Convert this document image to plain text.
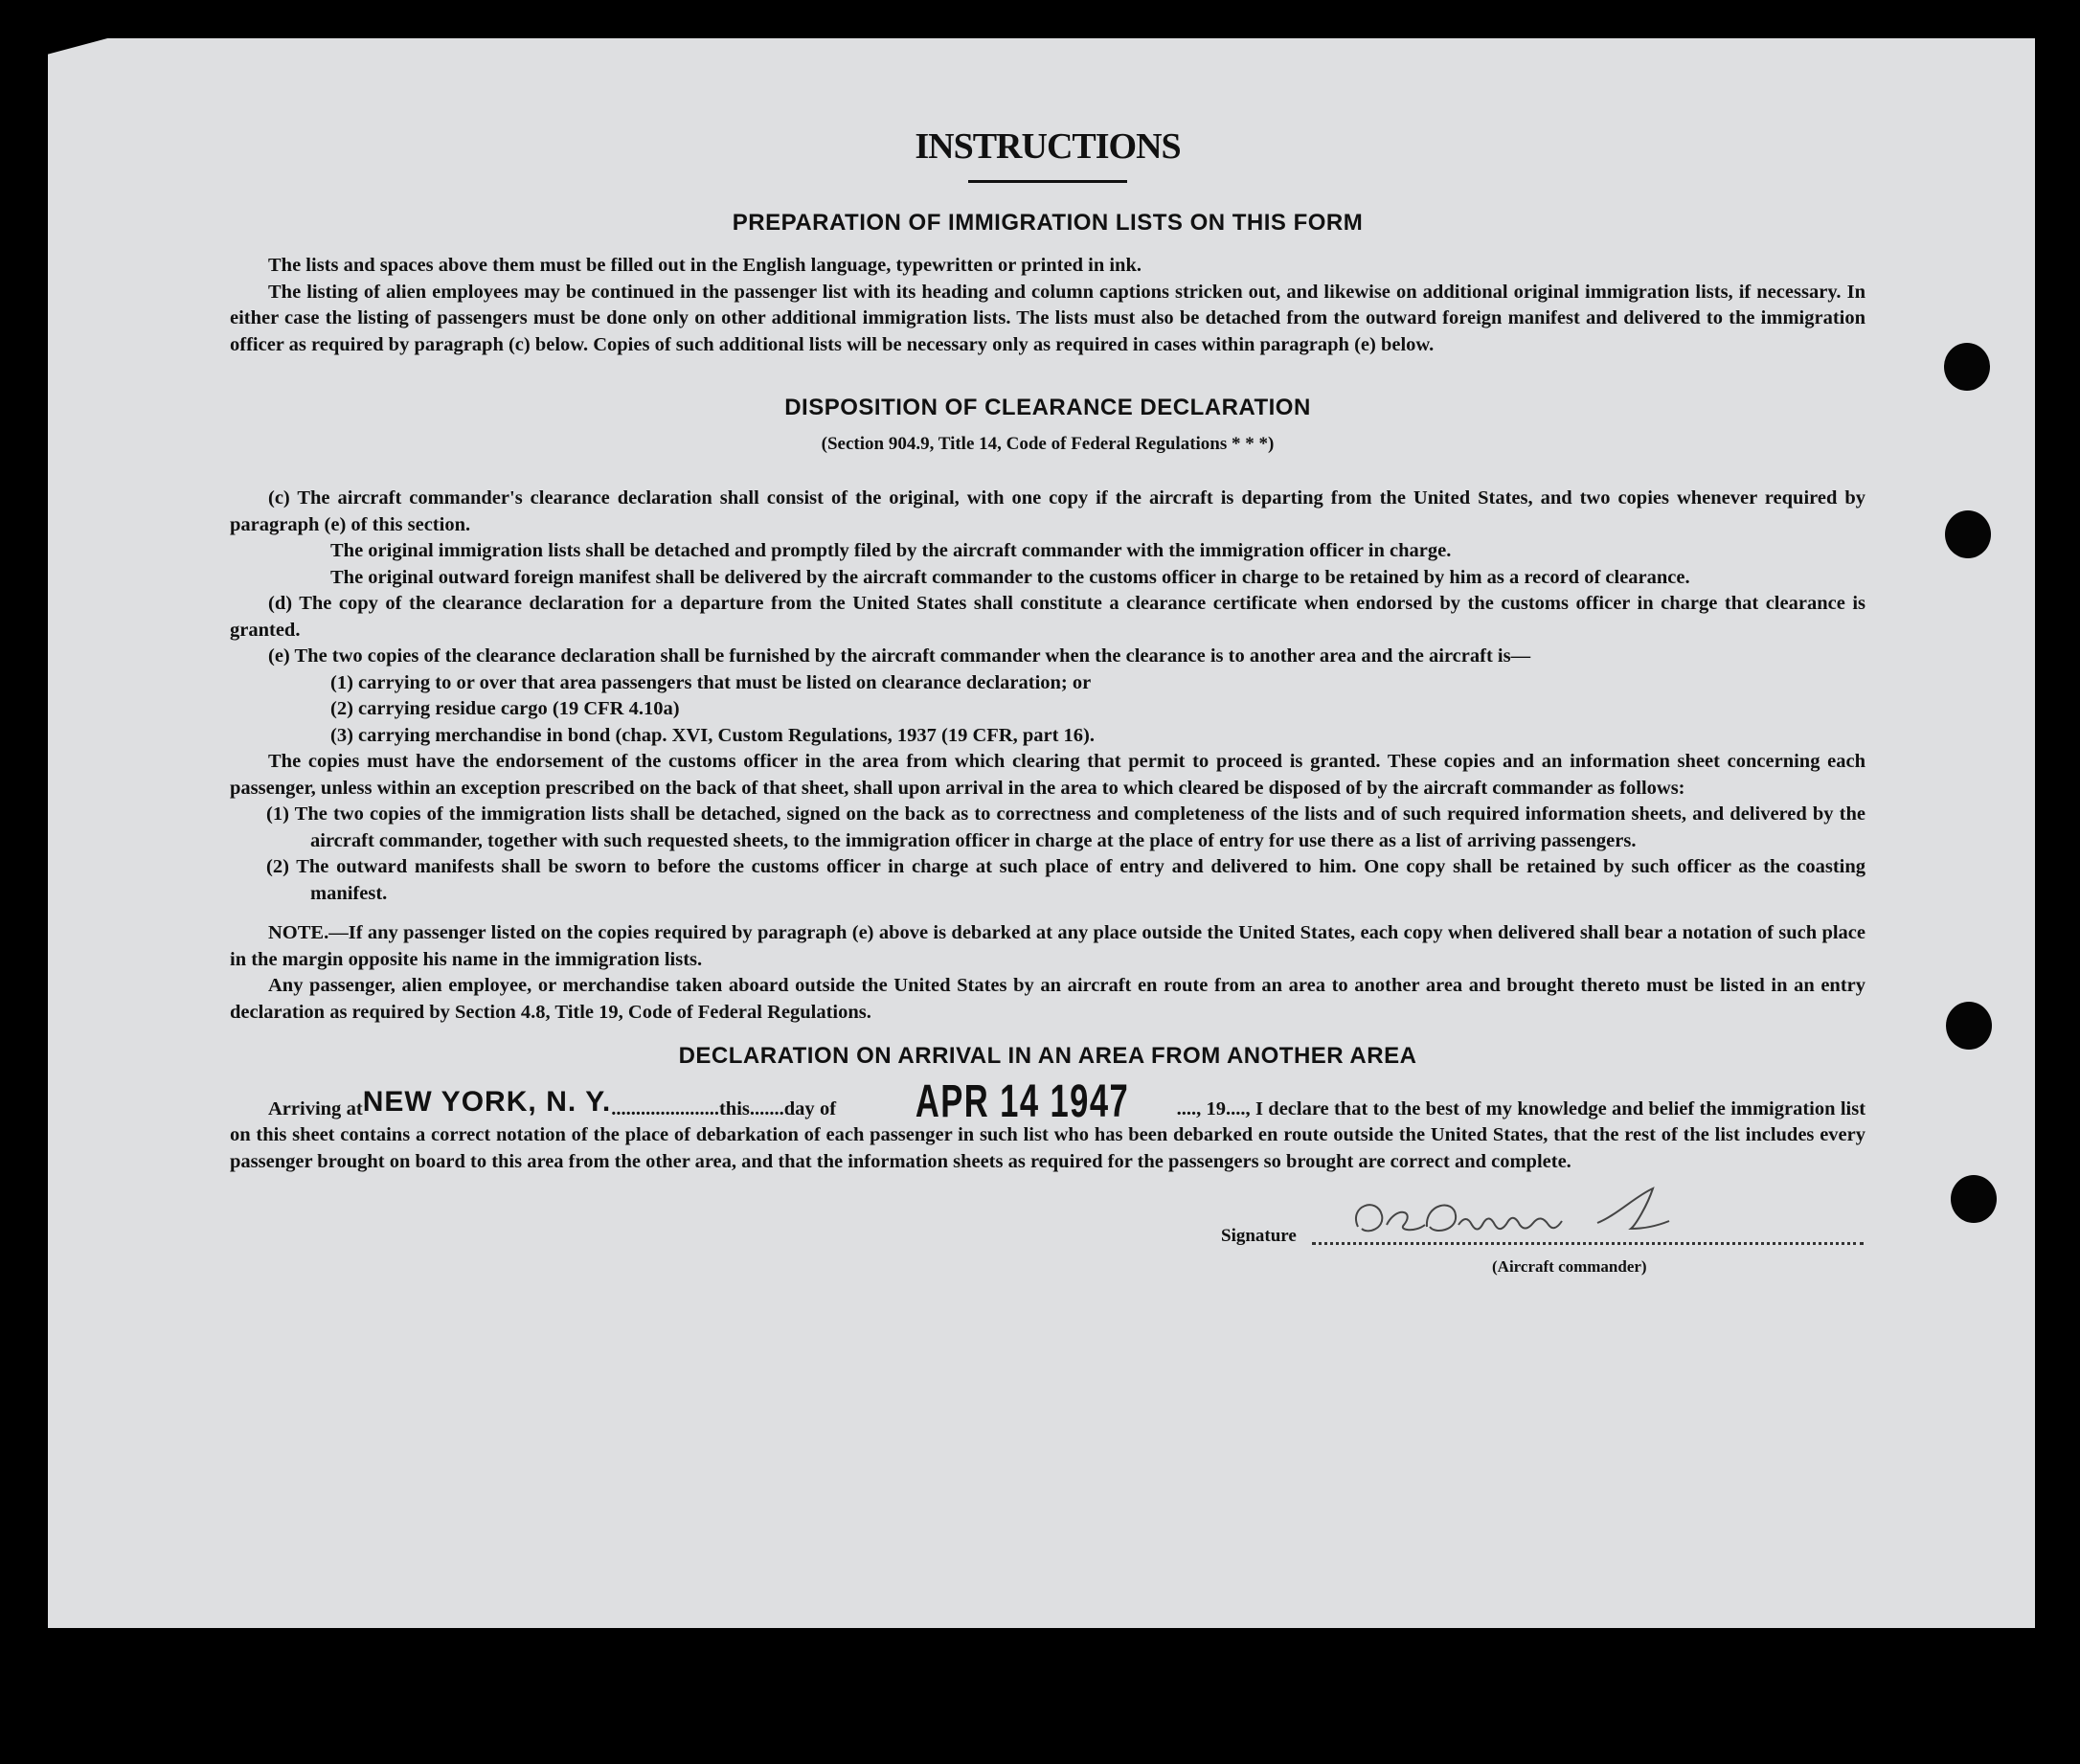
INSTRUCTIONS
PREPARATION OF IMMIGRATION LISTS ON THIS FORM

The lists and spaces above them must be filled out in the English language, typewritten or printed in ink.

The listing of alien employees may be continued in the passenger list with its heading and column captions stricken out, and likewise on additional original immigration lists, if necessary. In either case the listing of passengers must be done only on other additional immigration lists. The lists must also be detached from the outward foreign manifest and delivered to the immigration officer as required by paragraph (c) below. Copies of such additional lists will be necessary only as required in cases within paragraph (e) below.

DISPOSITION OF CLEARANCE DECLARATION
(Section 904.9, Title 14, Code of Federal Regulations * * *)

(c) The aircraft commander's clearance declaration shall consist of the original, with one copy if the aircraft is departing from the United States, and two copies whenever required by paragraph (e) of this section.

The original immigration lists shall be detached and promptly filed by the aircraft commander with the immigration officer in charge.

The original outward foreign manifest shall be delivered by the aircraft commander to the customs officer in charge to be retained by him as a record of clearance.

(d) The copy of the clearance declaration for a departure from the United States shall constitute a clearance certificate when endorsed by the customs officer in charge that clearance is granted.

(e) The two copies of the clearance declaration shall be furnished by the aircraft commander when the clearance is to another area and the aircraft is—

(1) carrying to or over that area passengers that must be listed on clearance declaration; or

(2) carrying residue cargo (19 CFR 4.10a)

(3) carrying merchandise in bond (chap. XVI, Custom Regulations, 1937 (19 CFR, part 16).

The copies must have the endorsement of the customs officer in the area from which clearing that permit to proceed is granted. These copies and an information sheet concerning each passenger, unless within an exception prescribed on the back of that sheet, shall upon arrival in the area to which cleared be disposed of by the aircraft commander as follows:

(1) The two copies of the immigration lists shall be detached, signed on the back as to correctness and completeness of the lists and of such required information sheets, and delivered by the aircraft commander, together with such requested sheets, to the immigration officer in charge at the place of entry for use there as a list of arriving passengers.

(2) The outward manifests shall be sworn to before the customs officer in charge at such place of entry and delivered to him. One copy shall be retained by such officer as the coasting manifest.

NOTE.—If any passenger listed on the copies required by paragraph (e) above is debarked at any place outside the United States, each copy when delivered shall bear a notation of such place in the margin opposite his name in the immigration lists.

Any passenger, alien employee, or merchandise taken aboard outside the United States by an aircraft en route from an area to another area and brought thereto must be listed in an entry declaration as required by Section 4.8, Title 19, Code of Federal Regulations.

DECLARATION ON ARRIVAL IN AN AREA FROM ANOTHER AREA

Arriving atNEW YORK, N. Y.......................this.......day of APR 14 1947 ...., 19...., I declare that to the best of my knowledge and belief the immigration list on this sheet contains a correct notation of the place of debarkation of each passenger in such list who has been debarked en route outside the United States, that the rest of the list includes every passenger brought on board to this area from the other area, and that the information sheets as required for the passengers so brought are correct and complete.

Signature
(Aircraft commander)
